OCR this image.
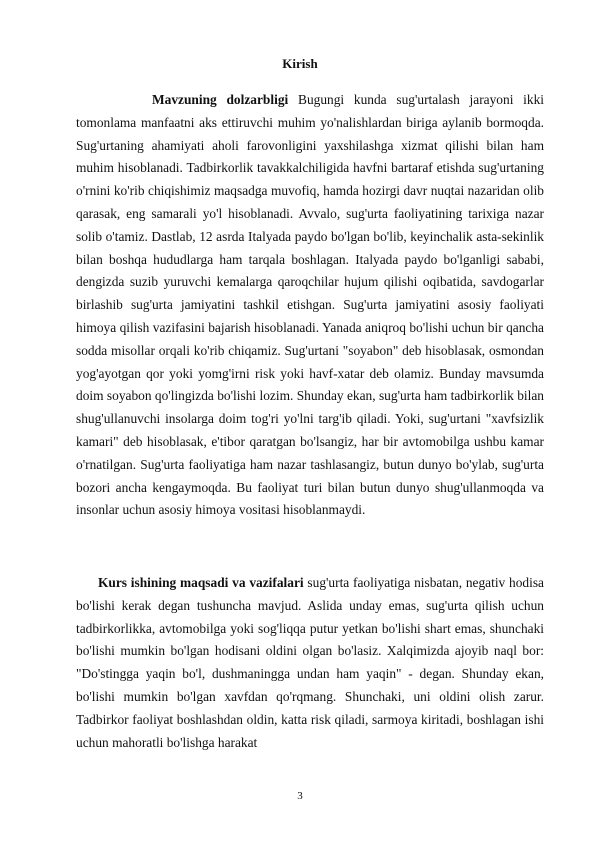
Kirish

Mavzuning dolzarbligi Bugungi kunda sug'urtalash jarayoni ikki tomonlama manfaatni aks ettiruvchi muhim yo'nalishlardan biriga aylanib bormoqda. Sug'urtaning ahamiyati aholi farovonligini yaxshilashga xizmat qilishi bilan ham muhim hisoblanadi. Tadbirkorlik tavakkalchiligida havfni bartaraf etishda sug'urtaning o'rnini ko'rib chiqishimiz maqsadga muvofiq, hamda hozirgi davr nuqtai nazaridan olib qarasak, eng samarali yo'l hisoblanadi. Avvalo, sug'urta faoliyatining tarixiga nazar solib o'tamiz. Dastlab, 12 asrda Italyada paydo bo'lgan bo'lib, keyinchalik asta-sekinlik bilan boshqa hududlarga ham tarqala boshlagan. Italyada paydo bo'lganligi sababi, dengizda suzib yuruvchi kemalarga qaroqchilar hujum qilishi oqibatida, savdogarlar birlashib sug'urta jamiyatini tashkil etishgan. Sug'urta jamiyatini asosiy faoliyati himoya qilish vazifasini bajarish hisoblanadi. Yanada aniqroq bo'lishi uchun bir qancha sodda misollar orqali ko'rib chiqamiz. Sug'urtani "soyabon" deb hisoblasak, osmondan yog'ayotgan qor yoki yomg'irni risk yoki havf-xatar deb olamiz. Bunday mavsumda doim soyabon qo'lingizda bo'lishi lozim. Shunday ekan, sug'urta ham tadbirkorlik bilan shug'ullanuvchi insolarga doim tog'ri yo'lni targ'ib qiladi. Yoki, sug'urtani "xavfsizlik kamari" deb hisoblasak, e'tibor qaratgan bo'lsangiz, har bir avtomobilga ushbu kamar o'rnatilgan. Sug'urta faoliyatiga ham nazar tashlasangiz, butun dunyo bo'ylab, sug'urta bozori ancha kengaymoqda. Bu faoliyat turi bilan butun dunyo shug'ullanmoqda va insonlar uchun asosiy himoya vositasi hisoblanmaydi.

Kurs ishining maqsadi va vazifalari sug'urta faoliyatiga nisbatan, negativ hodisa bo'lishi kerak degan tushuncha mavjud. Aslida unday emas, sug'urta qilish uchun tadbirkorlikka, avtomobilga yoki sog'liqqa putur yetkan bo'lishi shart emas, shunchaki bo'lishi mumkin bo'lgan hodisani oldini olgan bo'lasiz. Xalqimizda ajoyib naql bor: "Do'stingga yaqin bo'l, dushmaningga undan ham yaqin" - degan. Shunday ekan, bo'lishi mumkin bo'lgan xavfdan qo'rqmang. Shunchaki, uni oldini olish zarur. Tadbirkor faoliyat boshlashdan oldin, katta risk qiladi, sarmoya kiritadi, boshlagan ishi uchun mahoratli bo'lishga harakat

3
